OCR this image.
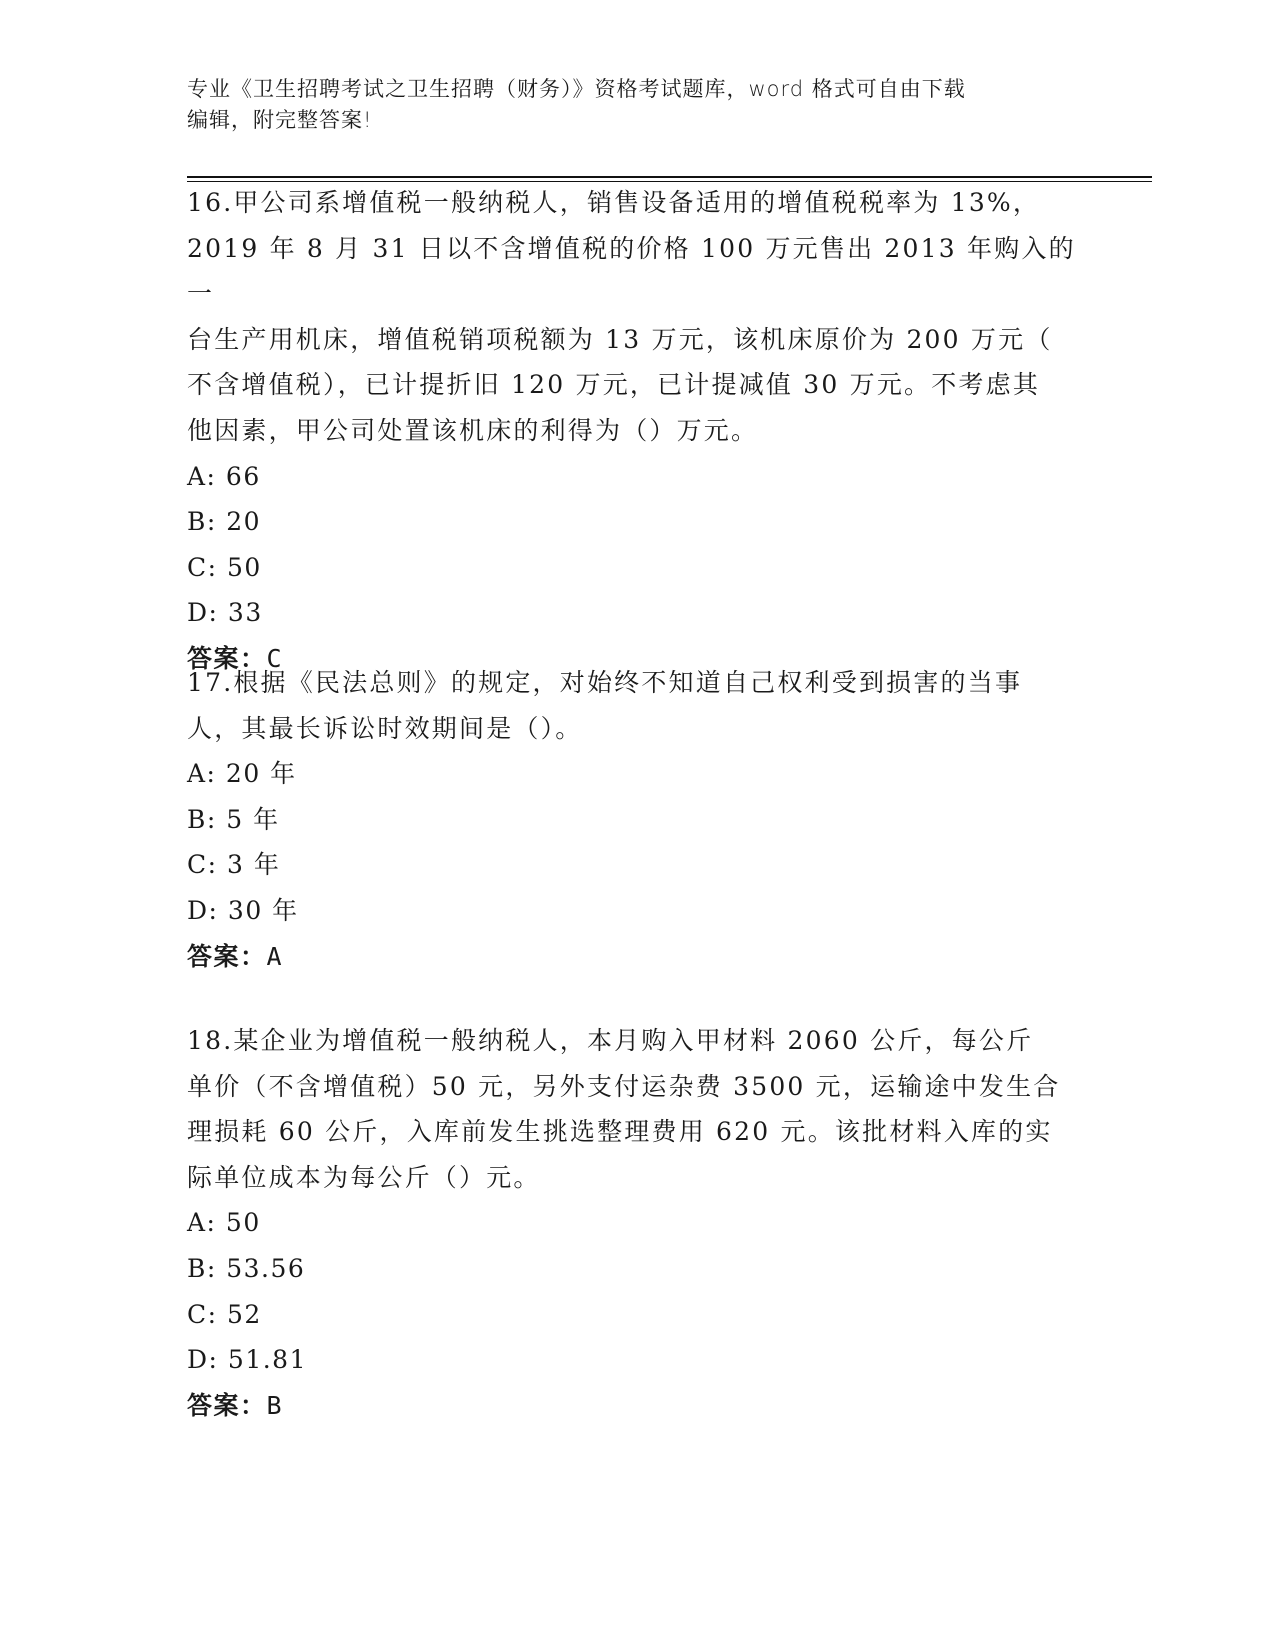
专业《卫生招聘考试之卫生招聘（财务）》资格考试题库，word 格式可自由下载
编辑，附完整答案!

16.甲公司系增值税一般纳税人，销售设备适用的增值税税率为 13%，

2019 年 8 月 31 日以不含增值税的价格 100 万元售出 2013 年购入的一

台生产用机床，增值税销项税额为 13 万元，该机床原价为 200 万元（

不含增值税），已计提折旧 120 万元，已计提减值 30 万元。不考虑其

他因素，甲公司处置该机床的利得为（）万元。

A: 66

B: 20

C: 50

D: 33

答案：C

17.根据《民法总则》的规定，对始终不知道自己权利受到损害的当事

人，其最长诉讼时效期间是（）。

A: 20 年

B: 5 年

C: 3 年

D: 30 年

答案：A

18.某企业为增值税一般纳税人，本月购入甲材料 2060 公斤，每公斤

单价（不含增值税）50 元，另外支付运杂费 3500 元，运输途中发生合

理损耗 60 公斤，入库前发生挑选整理费用 620 元。该批材料入库的实

际单位成本为每公斤（）元。

A: 50

B: 53.56

C: 52

D: 51.81

答案：B
